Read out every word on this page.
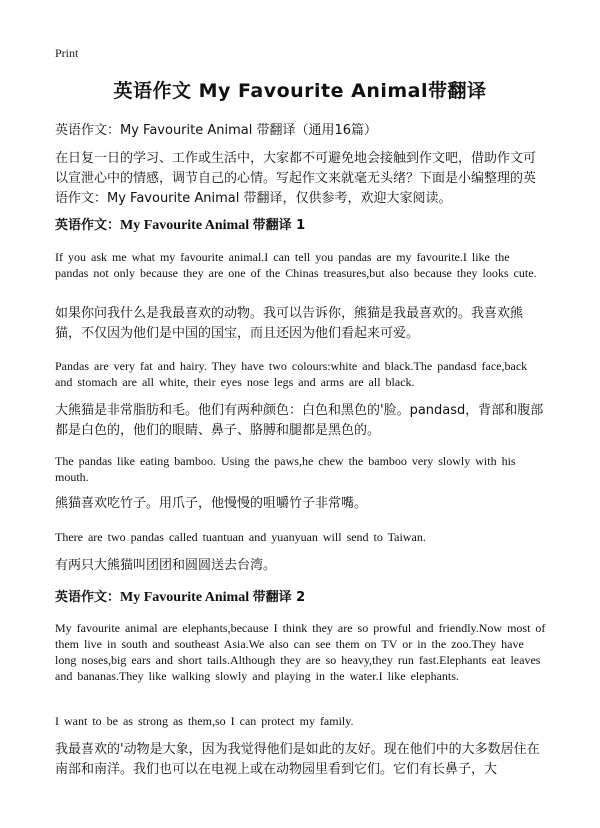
Print
英语作文 My Favourite Animal带翻译

英语作文：My Favourite Animal 带翻译（通用16篇）

在日复一日的学习、工作或生活中，大家都不可避免地会接触到作文吧，借助作文可以宣泄心中的情感，调节自己的心情。写起作文来就毫无头绪？下面是小编整理的英语作文：My Favourite Animal 带翻译，仅供参考，欢迎大家阅读。

英语作文：My Favourite Animal 带翻译 1

If you ask me what my favourite animal.I can tell you pandas are my favourite.I like the pandas not only because they are one of the Chinas treasures,but also because they looks cute.

如果你问我什么是我最喜欢的动物。我可以告诉你，熊猫是我最喜欢的。我喜欢熊猫，不仅因为他们是中国的国宝，而且还因为他们看起来可爱。

Pandas are very fat and hairy. They have two colours:white and black.The pandasd face,back and stomach are all white, their eyes nose legs and arms are all black.

大熊猫是非常脂肪和毛。他们有两种颜色：白色和黑色的'脸。pandasd，背部和腹部都是白色的，他们的眼睛、鼻子、胳膊和腿都是黑色的。

The pandas like eating bamboo. Using the paws,he chew the bamboo very slowly with his mouth.

熊猫喜欢吃竹子。用爪子，他慢慢的咀嚼竹子非常嘴。

There are two pandas called tuantuan and yuanyuan will send to Taiwan.

有两只大熊猫叫团团和圆圆送去台湾。

英语作文：My Favourite Animal 带翻译 2

My favourite animal are elephants,because I think they are so prowful and friendly.Now most of them live in south and southeast Asia.We also can see them on TV or in the zoo.They have long noses,big ears and short tails.Although they are so heavy,they run fast.Elephants eat leaves and bananas.They like walking slowly and playing in the water.I like elephants.

I want to be as strong as them,so I can protect my family.

我最喜欢的'动物是大象，因为我觉得他们是如此的友好。现在他们中的大多数居住在南部和南洋。我们也可以在电视上或在动物园里看到它们。它们有长鼻子，大
